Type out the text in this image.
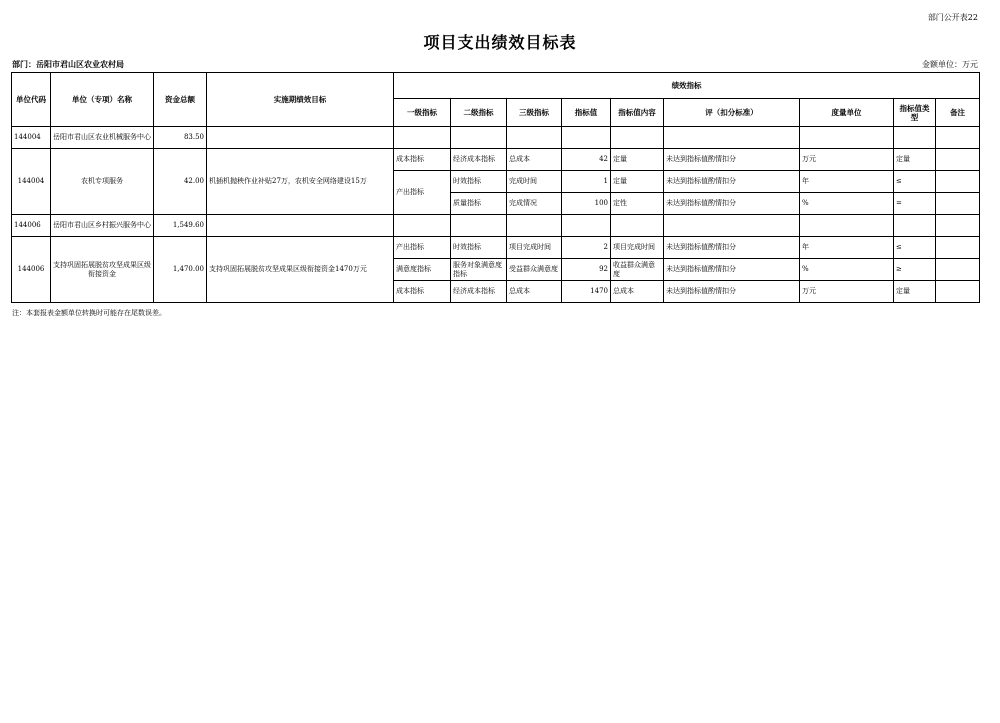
部门公开表22
项目支出绩效目标表
部门：岳阳市君山区农业农村局	金额单位：万元
单位代码	单位（专项）名称	资金总额	实施期绩效目标	绩效指标								
				一级指标	二级指标	三级指标	指标值	指标值内容	评（扣分标准）	度量单位	指标值类型	备注
144004	岳阳市君山区农业机械服务中心	83.50										
144004	农机专项服务	42.00	机插机抛秧作业补贴27万，农机安全网络建设15万	成本指标	经济成本指标	总成本	42	定量	未达到指标值酌情扣分	万元	定量	
				产出指标	时效指标	完成时间	1	定量	未达到指标值酌情扣分	年	≤	
					质量指标	完成情况	100	定性	未达到指标值酌情扣分	%	=	
144006	岳阳市君山区乡村振兴服务中心	1,549.60										
144006	支持巩固拓展脱贫攻坚成果区级衔接资金	1,470.00	支持巩固拓展脱贫攻坚成果区级衔接资金1470万元	产出指标	时效指标	项目完成时间	2	项目完成时间	未达到指标值酌情扣分	年	≤	
				满意度指标	服务对象满意度指标	受益群众满意度	92	收益群众满意度	未达到指标值酌情扣分	%	≥	
				成本指标	经济成本指标	总成本	1470	总成本	未达到指标值酌情扣分	万元	定量	
注：本套报表金额单位转换时可能存在尾数误差。
